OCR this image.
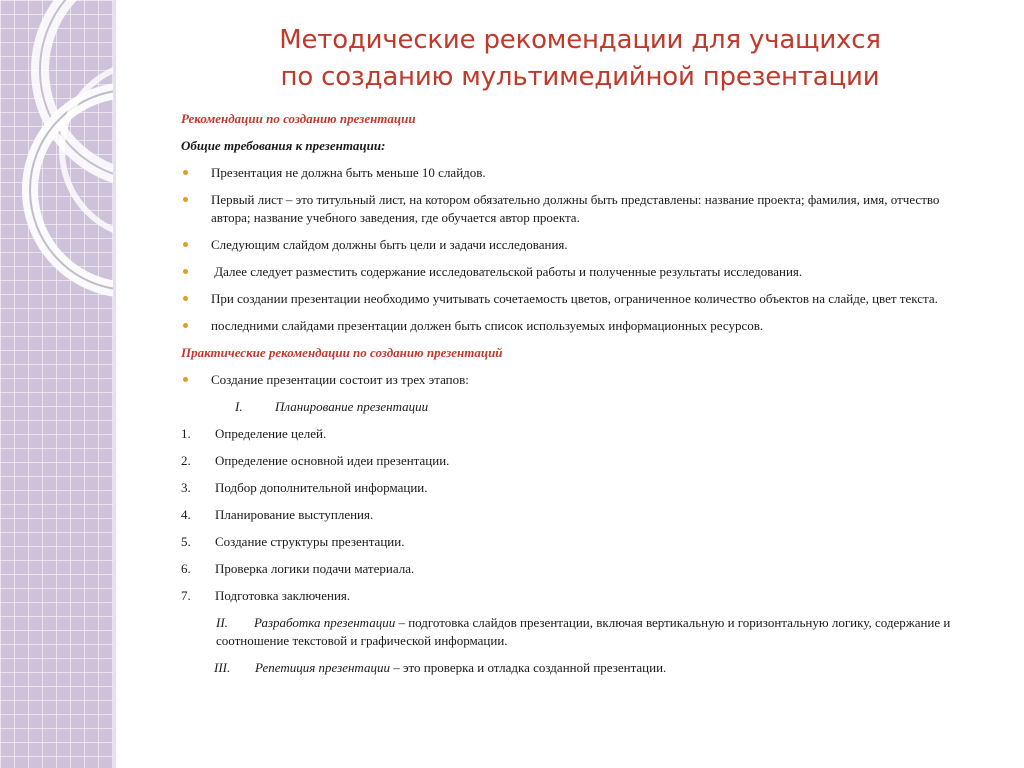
Методические рекомендации для учащихся
по созданию мультимедийной презентации
Рекомендации по созданию презентации
Общие требования к презентации:
Презентация не должна быть меньше 10 слайдов.
Первый лист – это титульный лист, на котором обязательно должны быть представлены: название проекта; фамилия, имя, отчество автора; название учебного заведения, где обучается автор проекта.
Следующим слайдом должны быть цели и задачи исследования.
Далее следует разместить содержание исследовательской работы и полученные результаты исследования.
При создании презентации необходимо учитывать сочетаемость цветов, ограниченное количество объектов на слайде, цвет текста.
последними слайдами презентации должен быть список используемых информационных ресурсов.
Практические рекомендации по созданию презентаций
Создание презентации состоит из трех этапов:
I.	Планирование презентации
1.	Определение целей.
2.	Определение основной идеи презентации.
3.	Подбор дополнительной информации.
4.	Планирование выступления.
5.	Создание структуры презентации.
6.	Проверка логики подачи материала.
7.	Подготовка заключения.
II. Разработка презентации – подготовка слайдов презентации, включая вертикальную и горизонтальную логику, содержание и соотношение текстовой и графической информации.
III. Репетиция презентации – это проверка и отладка созданной презентации.
